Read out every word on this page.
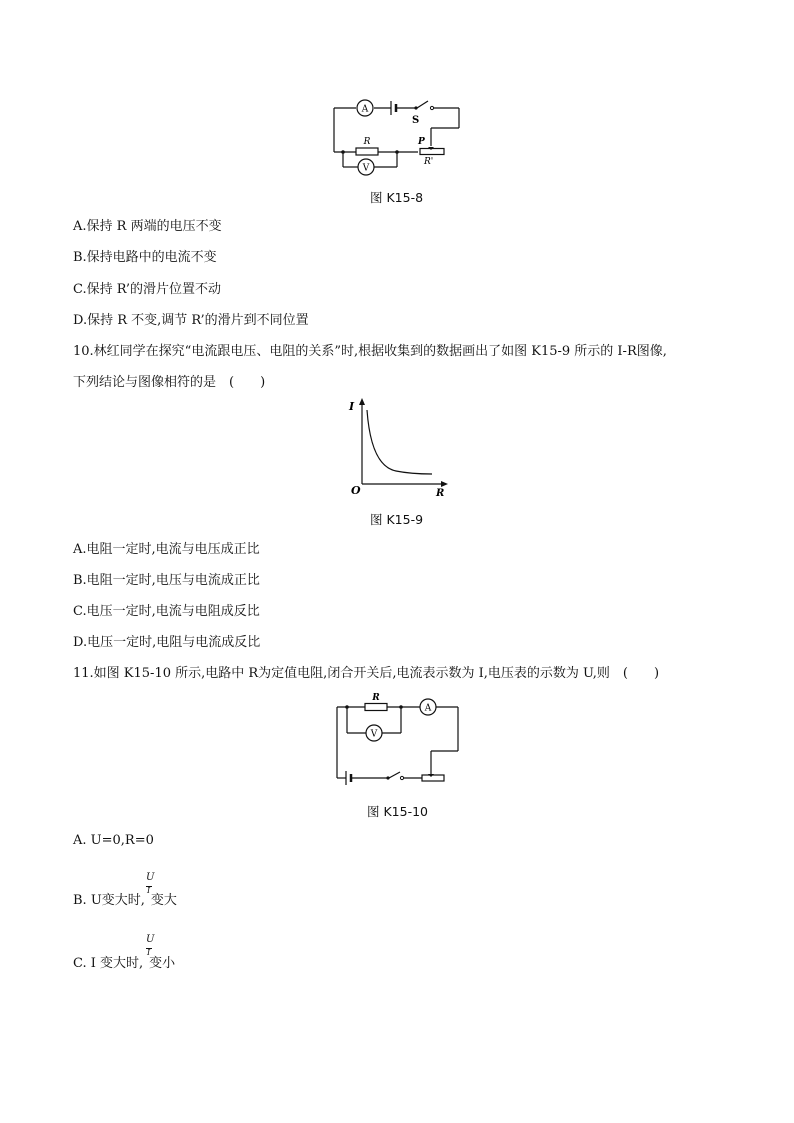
A
S
R
V
P
R'
图 K15-8
A.保持 R 两端的电压不变
B.保持电路中的电流不变
C.保持 R’的滑片位置不动
D.保持 R 不变,调节 R’的滑片到不同位置
10.林红同学在探究“电流跟电压、电阻的关系”时,根据收集到的数据画出了如图 K15-9 所示的 I-R图像,
下列结论与图像相符的是　(　　)
I
O	R
图 K15-9
A.电阻一定时,电流与电压成正比
B.电阻一定时,电压与电流成正比
C.电压一定时,电流与电阻成反比
D.电压一定时,电阻与电流成反比
11.如图 K15-10 所示,电路中 R为定值电阻,闭合开关后,电流表示数为 I,电压表的示数为 U,则　(　　)
R
A
V
图 K15-10
A. U=0,R=0
U
I
B. U变大时, 变大
U
I
C. I 变大时, 变小
